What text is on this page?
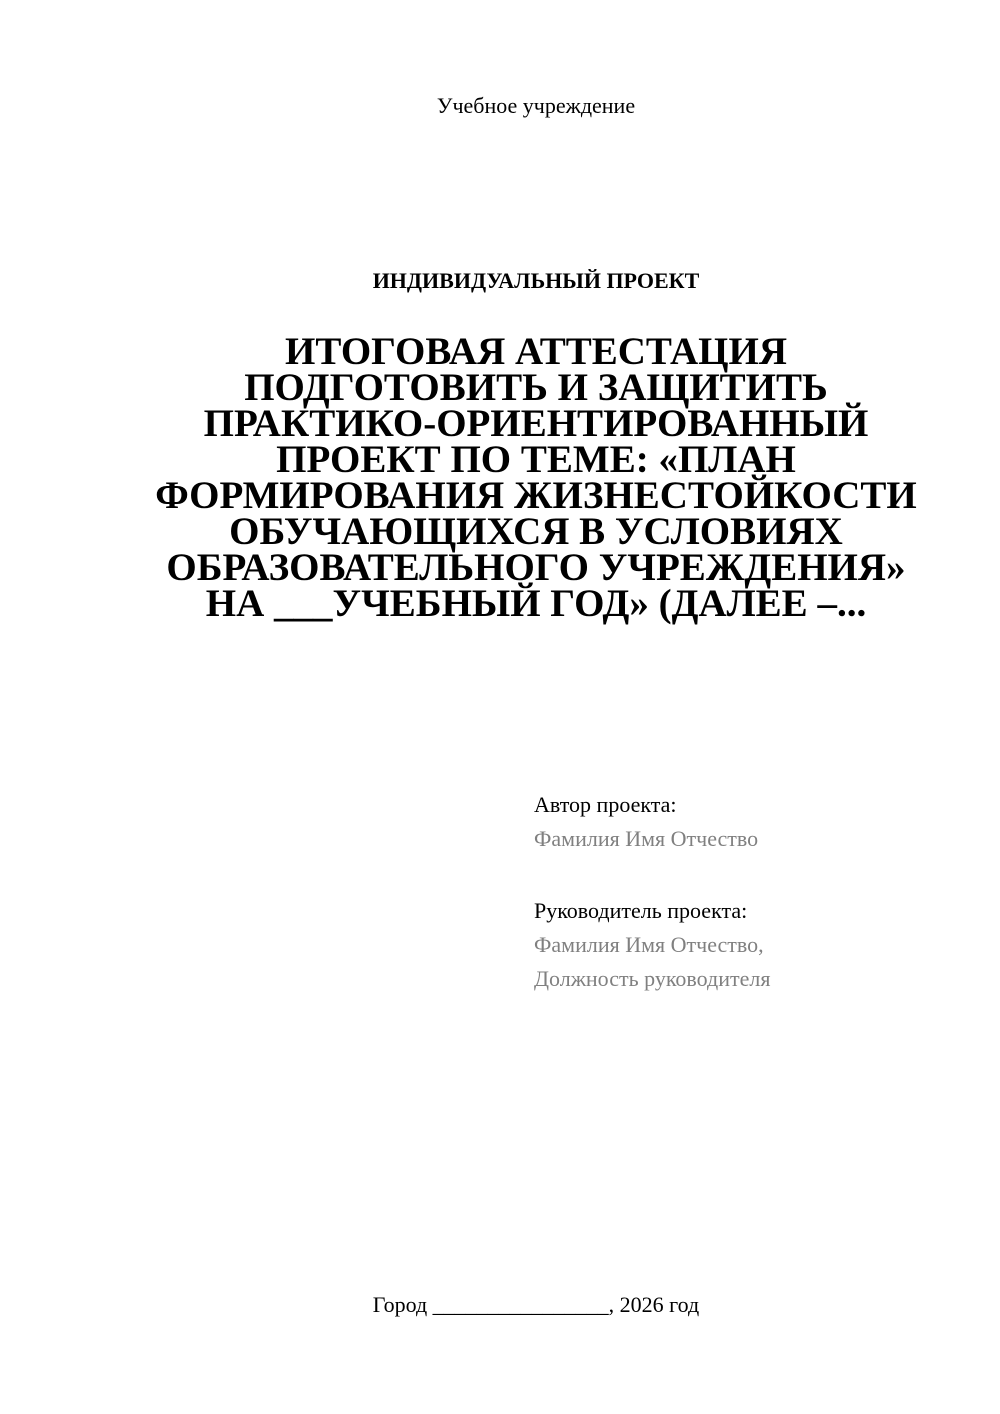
Учебное учреждение
ИНДИВИДУАЛЬНЫЙ ПРОЕКТ
ИТОГОВАЯ АТТЕСТАЦИЯ
ПОДГОТОВИТЬ И ЗАЩИТИТЬ
ПРАКТИКО-ОРИЕНТИРОВАННЫЙ
ПРОЕКТ ПО ТЕМЕ: «ПЛАН
ФОРМИРОВАНИЯ ЖИЗНЕСТОЙКОСТИ
ОБУЧАЮЩИХСЯ В УСЛОВИЯХ
ОБРАЗОВАТЕЛЬНОГО УЧРЕЖДЕНИЯ»
НА ___УЧЕБНЫЙ ГОД» (ДАЛЕЕ –...
Автор проекта:
Фамилия Имя Отчество
Руководитель проекта:
Фамилия Имя Отчество,
Должность руководителя
Город ________________, 2026 год
